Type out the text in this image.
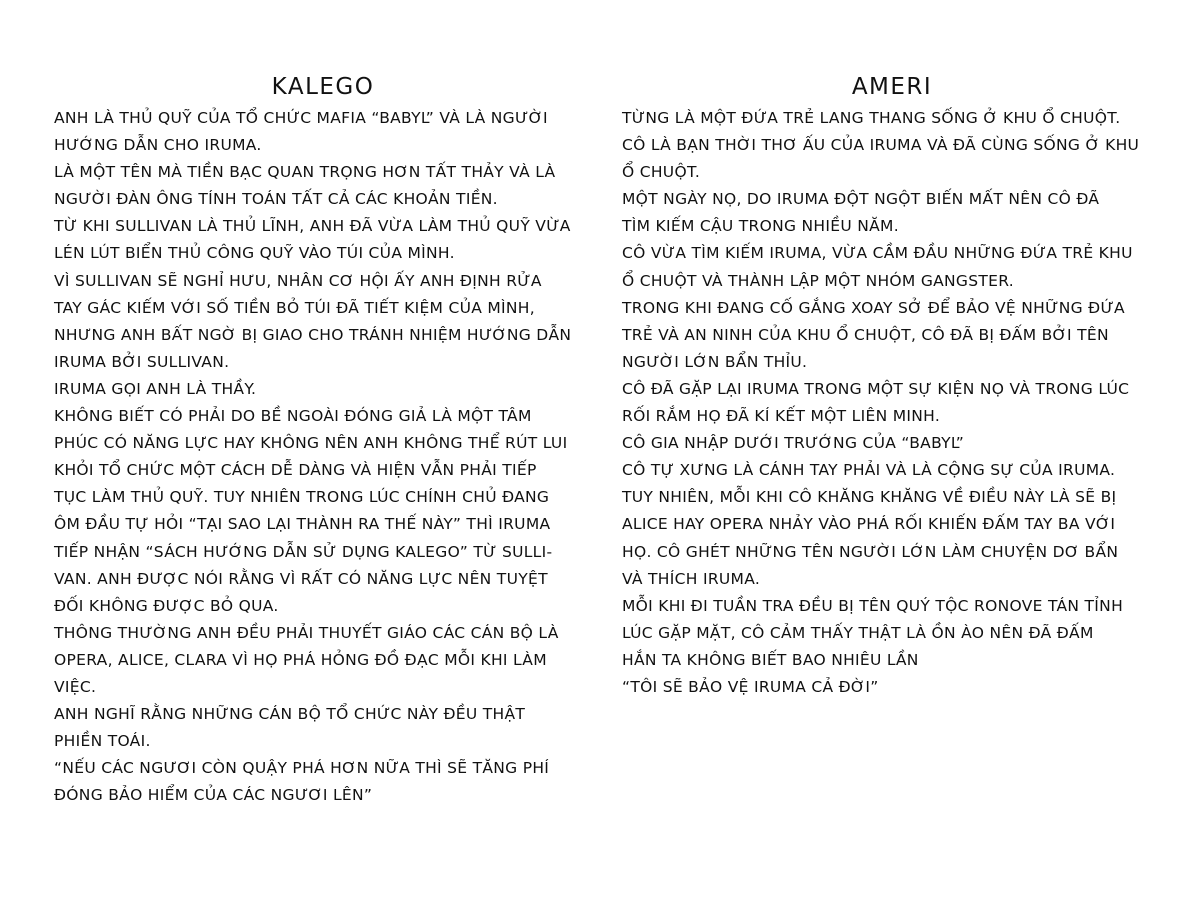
KALEGO
ANH LÀ THỦ QUỸ CỦA TỔ CHỨC MAFIA “BABYL” VÀ LÀ NGƯỜI
HƯỚNG DẪN CHO IRUMA.
LÀ MỘT TÊN MÀ TIỀN BẠC QUAN TRỌNG HƠN TẤT THẢY VÀ LÀ
NGƯỜI ĐÀN ÔNG TÍNH TOÁN TẤT CẢ CÁC KHOẢN TIỀN.
TỪ KHI SULLIVAN LÀ THỦ LĨNH, ANH ĐÃ VỪA LÀM THỦ QUỸ VỪA
LÉN LÚT BIỂN THỦ CÔNG QUỸ VÀO TÚI CỦA MÌNH.
VÌ SULLIVAN SẼ NGHỈ HƯU, NHÂN CƠ HỘI ẤY ANH ĐỊNH RỬA
TAY GÁC KIẾM VỚI SỐ TIỀN BỎ TÚI ĐÃ TIẾT KIỆM CỦA MÌNH,
NHƯNG ANH BẤT NGỜ BỊ GIAO CHO TRÁNH NHIỆM HƯỚNG DẪN
IRUMA BỞI SULLIVAN.
IRUMA GỌI ANH LÀ THẦY.
KHÔNG BIẾT CÓ PHẢI DO BỀ NGOÀI ĐÓNG GIẢ LÀ MỘT TÂM
PHÚC CÓ NĂNG LỰC HAY KHÔNG NÊN ANH KHÔNG THỂ RÚT LUI
KHỎI TỔ CHỨC MỘT CÁCH DỄ DÀNG VÀ HIỆN VẪN PHẢI TIẾP
TỤC LÀM THỦ QUỸ. TUY NHIÊN TRONG LÚC CHÍNH CHỦ ĐANG
ÔM ĐẦU TỰ HỎI “TẠI SAO LẠI THÀNH RA THẾ NÀY” THÌ IRUMA
TIẾP NHẬN “SÁCH HƯỚNG DẪN SỬ DỤNG KALEGO” TỪ SULLI-
VAN. ANH ĐƯỢC NÓI RẰNG VÌ RẤT CÓ NĂNG LỰC NÊN TUYỆT
ĐỐI KHÔNG ĐƯỢC BỎ QUA.
THÔNG THƯỜNG ANH ĐỀU PHẢI THUYẾT GIÁO CÁC CÁN BỘ LÀ
OPERA, ALICE, CLARA VÌ HỌ PHÁ HỎNG ĐỒ ĐẠC MỖI KHI LÀM
VIỆC.
ANH NGHĨ RẰNG NHỮNG CÁN BỘ TỔ CHỨC NÀY ĐỀU THẬT
PHIỀN TOÁI.
“NẾU CÁC NGƯƠI CÒN QUẬY PHÁ HƠN NỮA THÌ SẼ TĂNG PHÍ
ĐÓNG BẢO HIỂM CỦA CÁC NGƯƠI LÊN”
AMERI
TỪNG LÀ MỘT ĐỨA TRẺ LANG THANG SỐNG Ở KHU Ổ CHUỘT.
CÔ LÀ BẠN THỜI THƠ ẤU CỦA IRUMA VÀ ĐÃ CÙNG SỐNG Ở KHU
Ổ CHUỘT.
MỘT NGÀY NỌ, DO IRUMA ĐỘT NGỘT BIẾN MẤT NÊN CÔ ĐÃ
TÌM KIẾM CẬU TRONG NHIỀU NĂM.
CÔ VỪA TÌM KIẾM IRUMA, VỪA CẦM ĐẦU NHỮNG ĐỨA TRẺ KHU
Ổ CHUỘT VÀ THÀNH LẬP MỘT NHÓM GANGSTER.
TRONG KHI ĐANG CỐ GẮNG XOAY SỞ ĐỂ BẢO VỆ NHỮNG ĐỨA
TRẺ VÀ AN NINH CỦA KHU Ổ CHUỘT, CÔ ĐÃ BỊ ĐẤM BỞI TÊN
NGƯỜI LỚN BẨN THỈU.
CÔ ĐÃ GẶP LẠI IRUMA TRONG MỘT SỰ KIỆN NỌ VÀ TRONG LÚC
RỐI RẮM HỌ ĐÃ KÍ KẾT MỘT LIÊN MINH.
CÔ GIA NHẬP DƯỚI TRƯỚNG CỦA “BABYL”
CÔ TỰ XƯNG LÀ CÁNH TAY PHẢI VÀ LÀ CỘNG SỰ CỦA IRUMA.
TUY NHIÊN, MỖI KHI CÔ KHĂNG KHĂNG VỀ ĐIỀU NÀY LÀ SẼ BỊ
ALICE HAY OPERA NHẢY VÀO PHÁ RỐI KHIẾN ĐẤM TAY BA VỚI
HỌ. CÔ GHÉT NHỮNG TÊN NGƯỜI LỚN LÀM CHUYỆN DƠ BẨN
VÀ THÍCH IRUMA.
MỖI KHI ĐI TUẦN TRA ĐỀU BỊ TÊN QUÝ TỘC RONOVE TÁN TỈNH
LÚC GẶP MẶT, CÔ CẢM THẤY THẬT LÀ ỒN ÀO NÊN ĐÃ ĐẤM
HẮN TA KHÔNG BIẾT BAO NHIÊU LẦN
“TÔI SẼ BẢO VỆ IRUMA CẢ ĐỜI”
